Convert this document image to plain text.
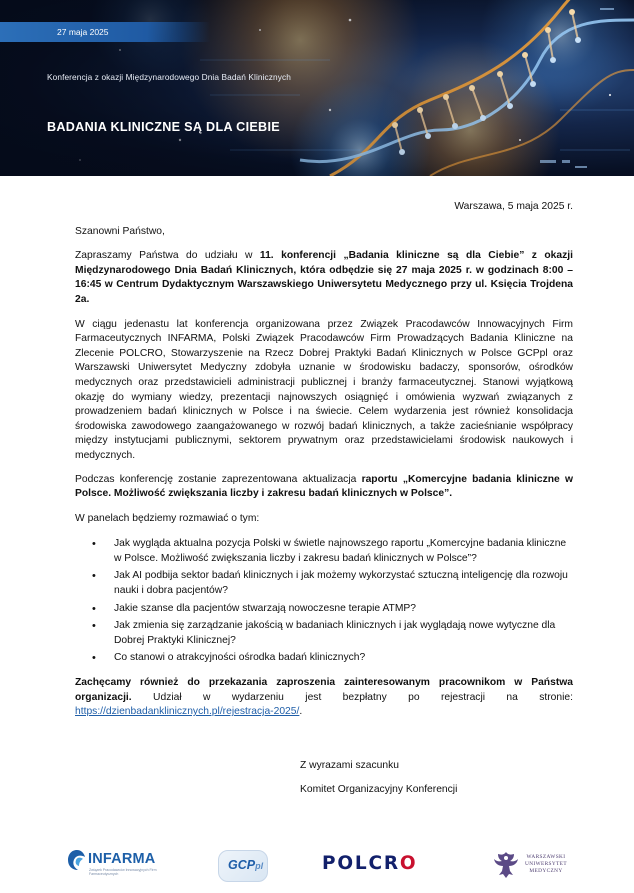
27 maja 2025
Konferencja z okazji Międzynarodowego Dnia Badań Klinicznych
BADANIA KLINICZNE SĄ DLA CIEBIE

Warszawa, 5 maja 2025 r.

Szanowni Państwo,

Zapraszamy Państwa do udziału w 11. konferencji „Badania kliniczne są dla Ciebie” z okazji Międzynarodowego Dnia Badań Klinicznych, która odbędzie się 27 maja 2025 r. w godzinach 8:00 – 16:45 w Centrum Dydaktycznym Warszawskiego Uniwersytetu Medycznego przy ul. Księcia Trojdena 2a.

W ciągu jedenastu lat konferencja organizowana przez Związek Pracodawców Innowacyjnych Firm Farmaceutycznych INFARMA, Polski Związek Pracodawców Firm Prowadzących Badania Kliniczne na Zlecenie POLCRO, Stowarzyszenie na Rzecz Dobrej Praktyki Badań Klinicznych w Polsce GCPpl oraz Warszawski Uniwersytet Medyczny zdobyła uznanie w środowisku badaczy, sponsorów, ośrodków medycznych oraz przedstawicieli administracji publicznej i branży farmaceutycznej. Stanowi wyjątkową okazję do wymiany wiedzy, prezentacji najnowszych osiągnięć i omówienia wyzwań związanych z prowadzeniem badań klinicznych w Polsce i na świecie. Celem wydarzenia jest również konsolidacja środowiska zawodowego zaangażowanego w rozwój badań klinicznych, a także zacieśnianie współpracy między instytucjami publicznymi, sektorem prywatnym oraz przedstawicielami środowisk naukowych i medycznych.

Podczas konferencję zostanie zaprezentowana aktualizacja raportu „Komercyjne badania kliniczne w Polsce. Możliwość zwiększania liczby i zakresu badań klinicznych w Polsce”.

W panelach będziemy rozmawiać o tym:

• Jak wygląda aktualna pozycja Polski w świetle najnowszego raportu „Komercyjne badania kliniczne w Polsce. Możliwość zwiększania liczby i zakresu badań klinicznych w Polsce”?
• Jak AI podbija sektor badań klinicznych i jak możemy wykorzystać sztuczną inteligencję dla rozwoju nauki i dobra pacjentów?
• Jakie szanse dla pacjentów stwarzają nowoczesne terapie ATMP?
• Jak zmienia się zarządzanie jakością w badaniach klinicznych i jak wyglądają nowe wytyczne dla Dobrej Praktyki Klinicznej?
• Co stanowi o atrakcyjności ośrodka badań klinicznych?

Zachęcamy również do przekazania zaproszenia zainteresowanym pracownikom w Państwa organizacji. Udział w wydarzeniu jest bezpłatny po rejestracji na stronie: https://dzienbadanklinicznych.pl/rejestracja-2025/.

Z wyrazami szacunku
Komitet Organizacyjny Konferencji
INFARMA
Związek Pracodawców Innowacyjnych Firm Farmaceutycznych
GCPpl	POLCRO	WARSZAWSKI UNIWERSYTET MEDYCZNY
